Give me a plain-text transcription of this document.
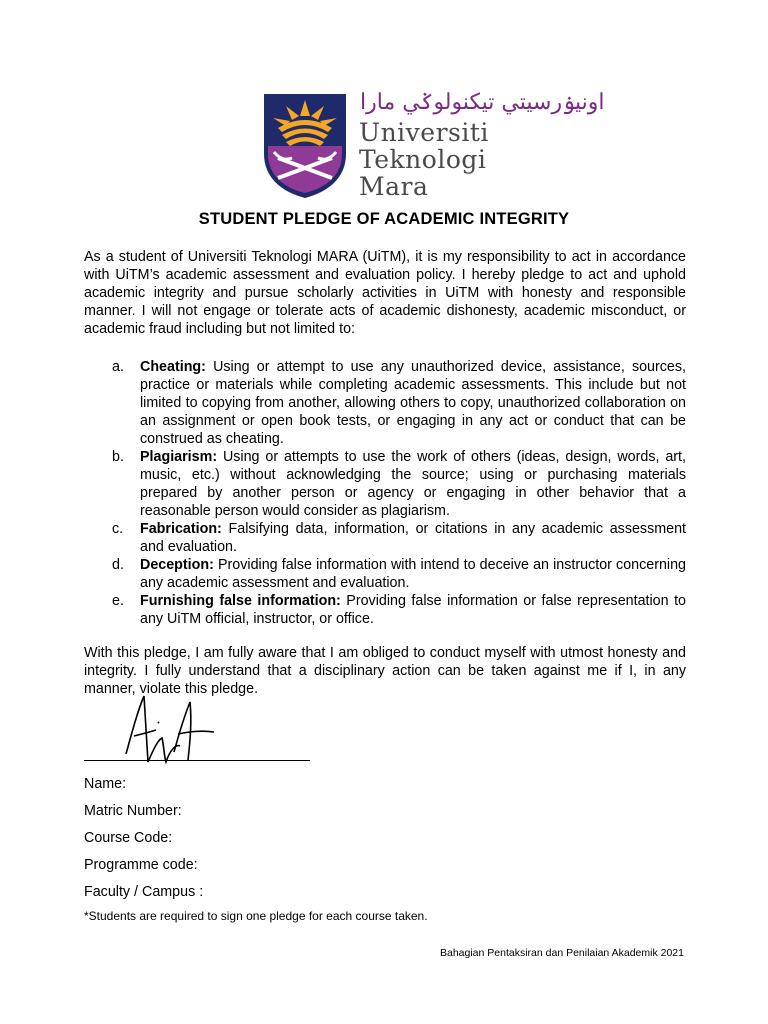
اونيۏرسيتي تيكنولوݢي مارا
Universiti
Teknologi
Mara
STUDENT PLEDGE OF ACADEMIC INTEGRITY
As a student of Universiti Teknologi MARA (UiTM), it is my responsibility to act in accordance with UiTM’s academic assessment and evaluation policy. I hereby pledge to act and uphold academic integrity and pursue scholarly activities in UiTM with honesty and responsible manner. I will not engage or tolerate acts of academic dishonesty, academic misconduct, or academic fraud including but not limited to:
a. Cheating: Using or attempt to use any unauthorized device, assistance, sources, practice or materials while completing academic assessments. This include but not limited to copying from another, allowing others to copy, unauthorized collaboration on an assignment or open book tests, or engaging in any act or conduct that can be construed as cheating.
b. Plagiarism: Using or attempts to use the work of others (ideas, design, words, art, music, etc.) without acknowledging the source; using or purchasing materials prepared by another person or agency or engaging in other behavior that a reasonable person would consider as plagiarism.
c. Fabrication: Falsifying data, information, or citations in any academic assessment and evaluation.
d. Deception: Providing false information with intend to deceive an instructor concerning any academic assessment and evaluation.
e. Furnishing false information: Providing false information or false representation to any UiTM official, instructor, or office.
With this pledge, I am fully aware that I am obliged to conduct myself with utmost honesty and integrity. I fully understand that a disciplinary action can be taken against me if I, in any manner, violate this pledge.
Name:
Matric Number:
Course Code:
Programme code:
Faculty / Campus :
*Students are required to sign one pledge for each course taken.
Bahagian Pentaksiran dan Penilaian Akademik 2021
